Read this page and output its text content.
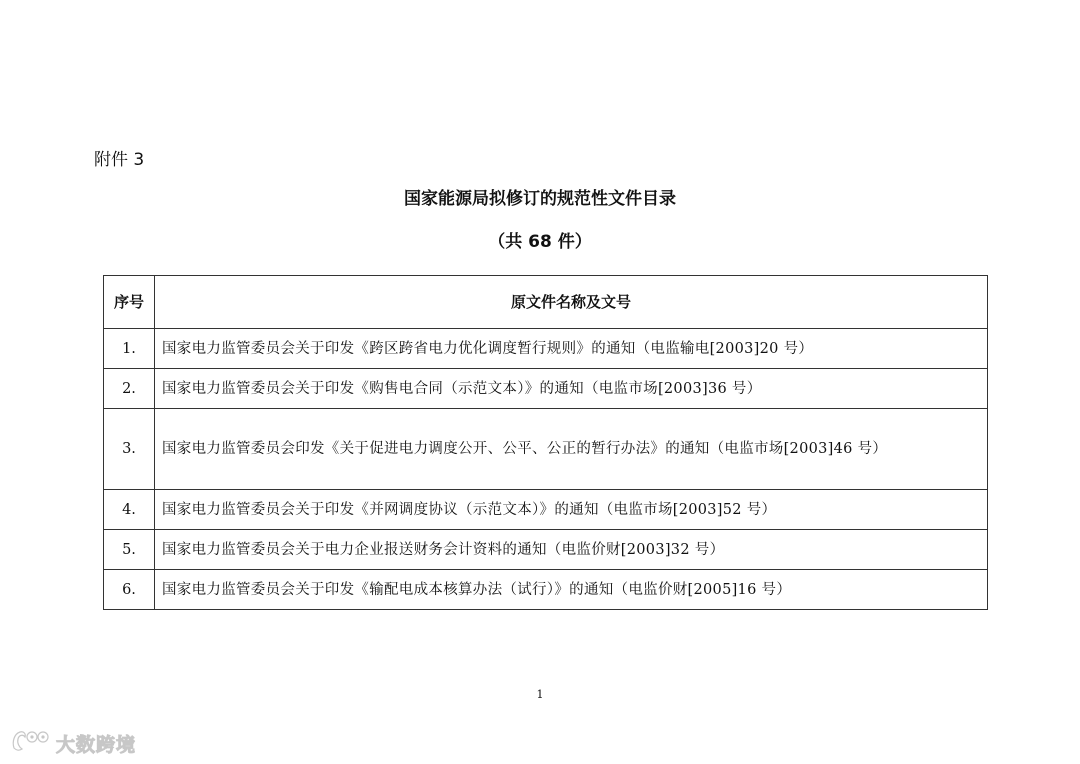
附件 3
国家能源局拟修订的规范性文件目录
（共 68 件）
序号	原文件名称及文号
1.	国家电力监管委员会关于印发《跨区跨省电力优化调度暂行规则》的通知（电监输电[2003]20 号）
2.	国家电力监管委员会关于印发《购售电合同（示范文本）》的通知（电监市场[2003]36 号）
3.	国家电力监管委员会印发《关于促进电力调度公开、公平、公正的暂行办法》的通知（电监市场[2003]46 号）
4.	国家电力监管委员会关于印发《并网调度协议（示范文本）》的通知（电监市场[2003]52 号）
5.	国家电力监管委员会关于电力企业报送财务会计资料的通知（电监价财[2003]32 号）
6.	国家电力监管委员会关于印发《输配电成本核算办法（试行）》的通知（电监价财[2005]16 号）
1
大数跨境
